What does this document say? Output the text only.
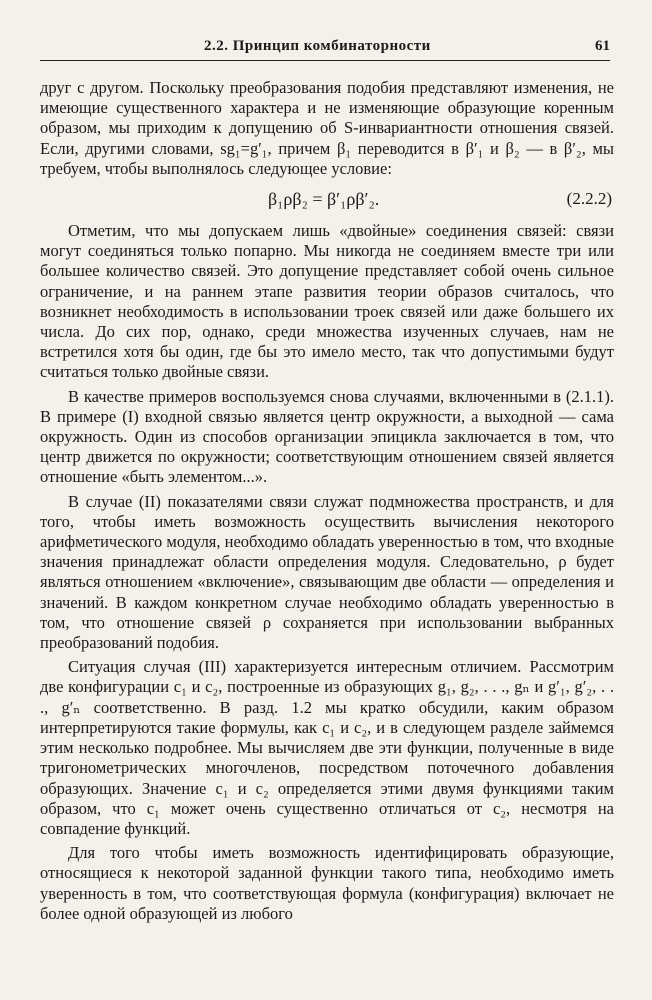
2.2. Принцип комбинаторности	61

друг с другом. Поскольку преобразования подобия представляют изменения, не имеющие существенного характера и не изменяющие образующие коренным образом, мы приходим к допущению об S-инвариантности отношения связей. Если, другими словами, sg₁=g′₁, причем β₁ переводится в β′₁ и β₂ — в β′₂, мы требуем, чтобы выполнялось следующее условие:

β₁ρβ₂ = β′₁ρβ′₂.	(2.2.2)

Отметим, что мы допускаем лишь «двойные» соединения связей: связи могут соединяться только попарно. Мы никогда не соединяем вместе три или большее количество связей. Это допущение представляет собой очень сильное ограничение, и на раннем этапе развития теории образов считалось, что возникнет необходимость в использовании троек связей или даже большего их числа. До сих пор, однако, среди множества изученных случаев, нам не встретился хотя бы один, где бы это имело место, так что допустимыми будут считаться только двойные связи.

В качестве примеров воспользуемся снова случаями, включенными в (2.1.1). В примере (I) входной связью является центр окружности, а выходной — сама окружность. Один из способов организации эпицикла заключается в том, что центр движется по окружности; соответствующим отношением связей является отношение «быть элементом...».

В случае (II) показателями связи служат подмножества пространств, и для того, чтобы иметь возможность осуществить вычисления некоторого арифметического модуля, необходимо обладать уверенностью в том, что входные значения принадлежат области определения модуля. Следовательно, ρ будет являться отношением «включение», связывающим две области — определения и значений. В каждом конкретном случае необходимо обладать уверенностью в том, что отношение связей ρ сохраняется при использовании выбранных преобразований подобия.

Ситуация случая (III) характеризуется интересным отличием. Рассмотрим две конфигурации c₁ и c₂, построенные из образующих g₁, g₂, . . ., gₙ и g′₁, g′₂, . . ., g′ₙ соответственно. В разд. 1.2 мы кратко обсудили, каким образом интерпретируются такие формулы, как c₁ и c₂, и в следующем разделе займемся этим несколько подробнее. Мы вычисляем две эти функции, полученные в виде тригонометрических многочленов, посредством поточечного добавления образующих. Значение c₁ и c₂ определяется этими двумя функциями таким образом, что c₁ может очень существенно отличаться от c₂, несмотря на совпадение функций.

Для того чтобы иметь возможность идентифицировать образующие, относящиеся к некоторой заданной функции такого типа, необходимо иметь уверенность в том, что соответствующая формула (конфигурация) включает не более одной образующей из любого
